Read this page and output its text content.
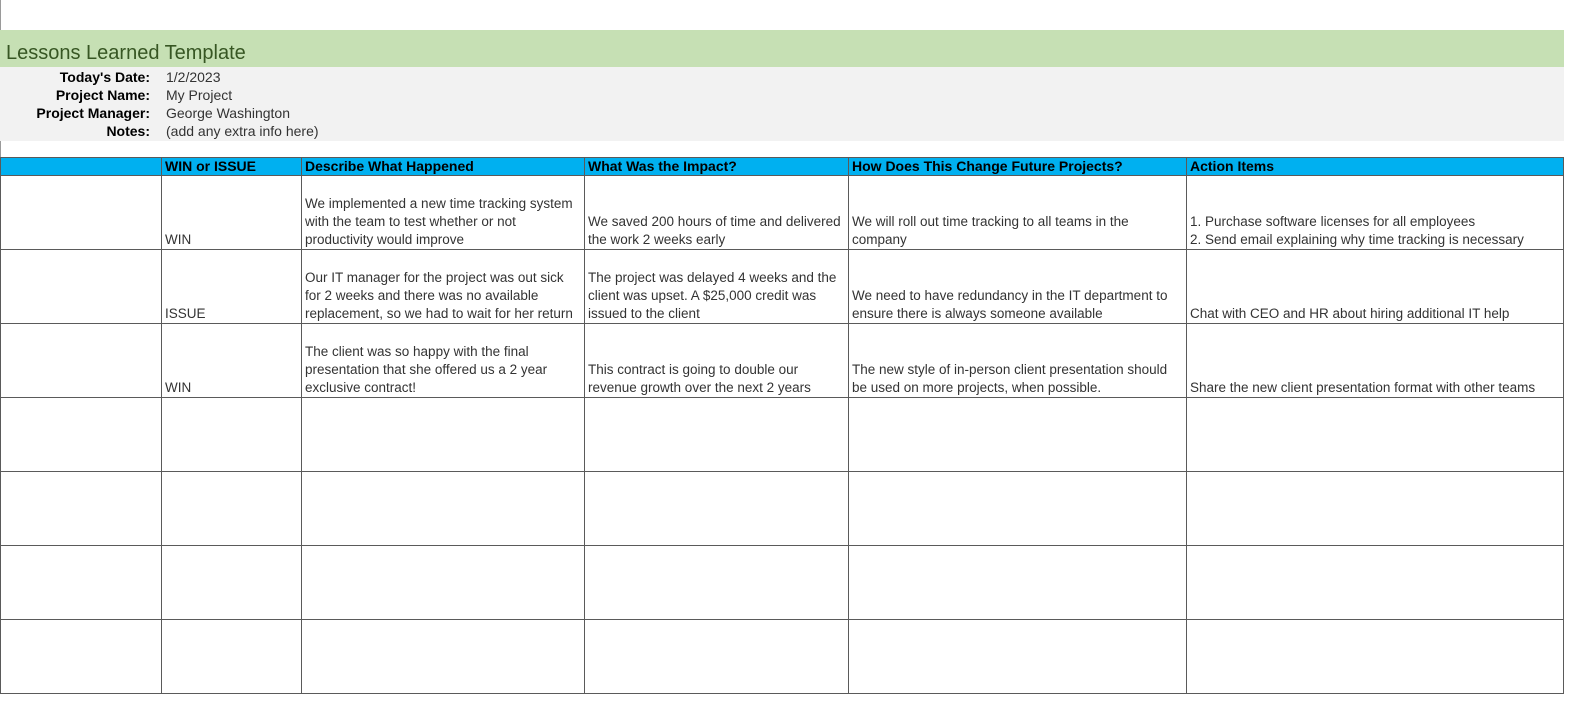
Lessons Learned Template
Today's Date: 1/2/2023
Project Name: My Project
Project Manager: George Washington
Notes: (add any extra info here)
	WIN or ISSUE	Describe What Happened	What Was the Impact?	How Does This Change Future Projects?	Action Items
	WIN	We implemented a new time tracking system with the team to test whether or not productivity would improve	We saved 200 hours of time and delivered the work 2 weeks early	We will roll out time tracking to all teams in the company	1. Purchase software licenses for all employees
2. Send email explaining why time tracking is necessary
	ISSUE	Our IT manager for the project was out sick for 2 weeks and there was no available replacement, so we had to wait for her return	The project was delayed 4 weeks and the client was upset. A $25,000 credit was issued to the client	We need to have redundancy in the IT department to ensure there is always someone available	Chat with CEO and HR about hiring additional IT help
	WIN	The client was so happy with the final presentation that she offered us a 2 year exclusive contract!	This contract is going to double our revenue growth over the next 2 years	The new style of in-person client presentation should be used on more projects, when possible.	Share the new client presentation format with other teams
